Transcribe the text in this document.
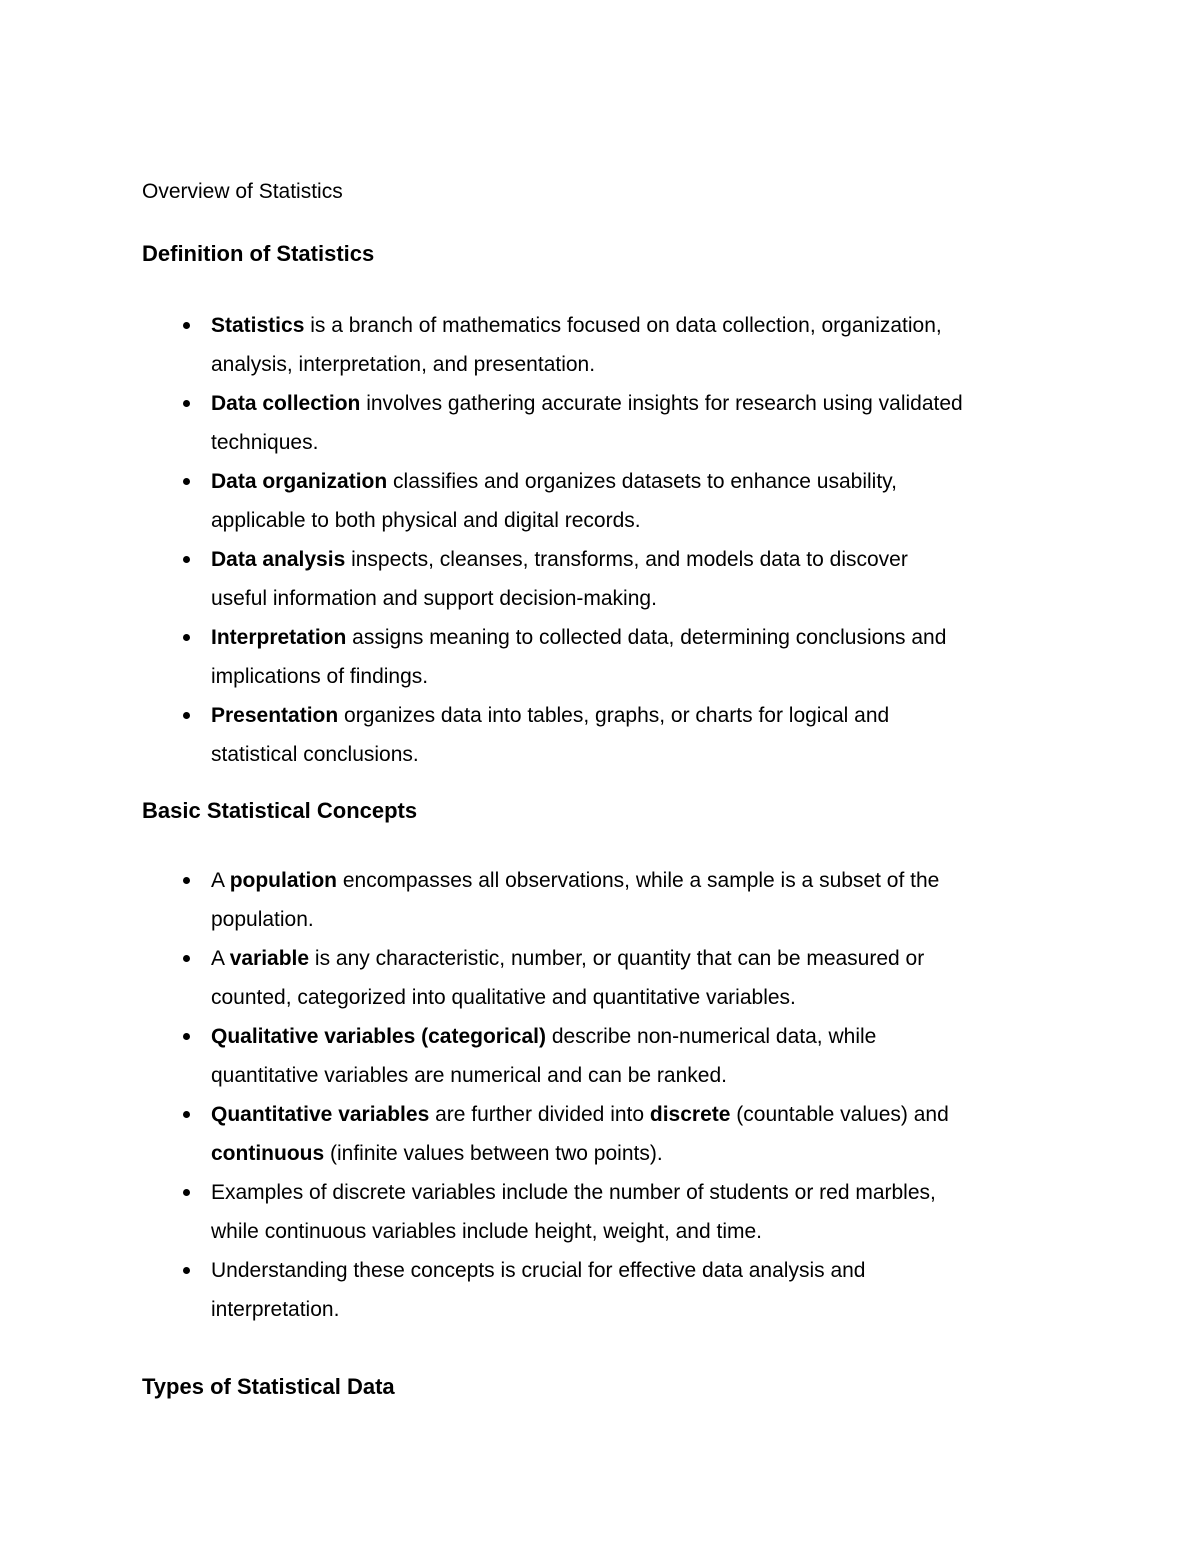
Overview of Statistics

Definition of Statistics
Statistics is a branch of mathematics focused on data collection, organization,
analysis, interpretation, and presentation.
Data collection involves gathering accurate insights for research using validated
techniques.
Data organization classifies and organizes datasets to enhance usability,
applicable to both physical and digital records.
Data analysis inspects, cleanses, transforms, and models data to discover
useful information and support decision-making.
Interpretation assigns meaning to collected data, determining conclusions and
implications of findings.
Presentation organizes data into tables, graphs, or charts for logical and
statistical conclusions.
Basic Statistical Concepts
A population encompasses all observations, while a sample is a subset of the
population.
A variable is any characteristic, number, or quantity that can be measured or
counted, categorized into qualitative and quantitative variables.
Qualitative variables (categorical) describe non-numerical data, while
quantitative variables are numerical and can be ranked.
Quantitative variables are further divided into discrete (countable values) and
continuous (infinite values between two points).
Examples of discrete variables include the number of students or red marbles,
while continuous variables include height, weight, and time.
Understanding these concepts is crucial for effective data analysis and
interpretation.
Types of Statistical Data
